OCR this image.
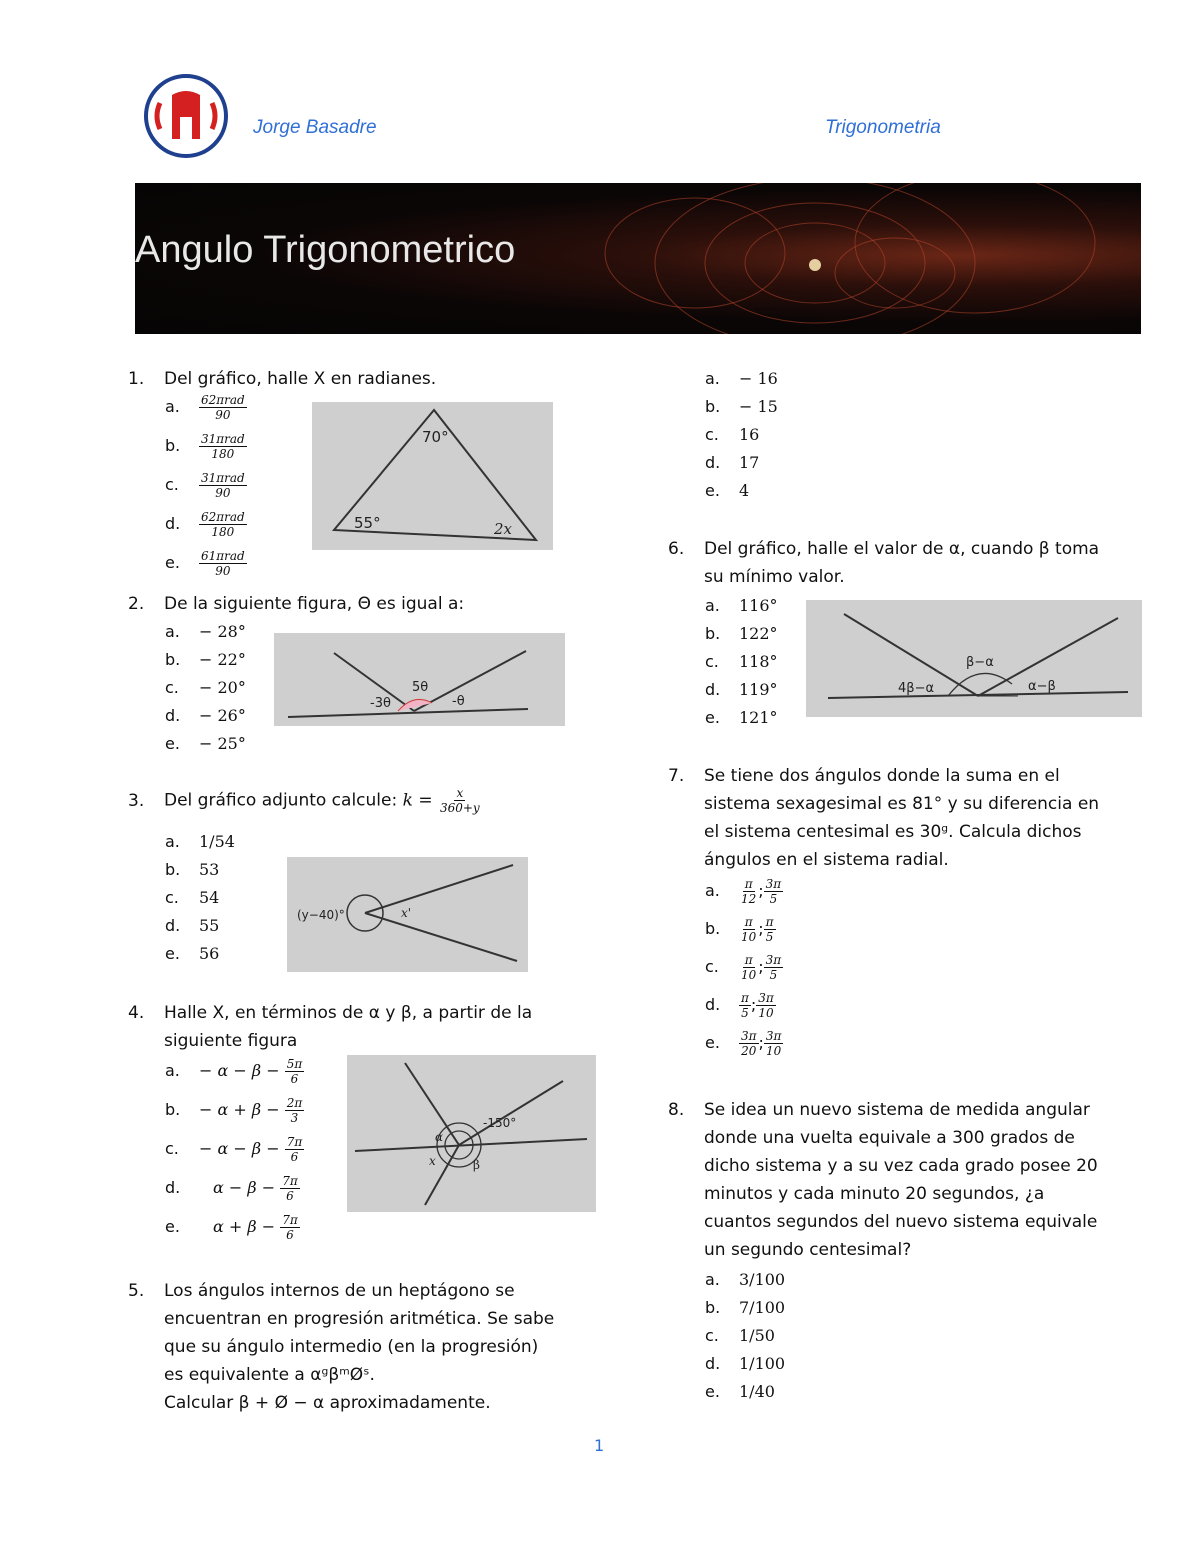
Jorge Basadre	Trigonometria
Angulo Trigonometrico
1. Del gráfico, halle X en radianes.
a. $\frac{\text{62πrad}}{90}$
b. $\frac{\text{31πrad}}{180}$
c. $\frac{\text{31πrad}}{90}$
d. $\frac{\text{62πrad}}{180}$
e. $\frac{\text{61πrad}}{90}$
70°
55°	2x
2. De la siguiente figura, Θ es igual a:
a. − 28°
b. − 22°
c. − 20°
d. − 26°
e. − 25°
-3θ
5θ
-θ
3. Del gráfico adjunto calcule: $k = \frac{x}{360+y}$
a. 1/54
b. 53
c. 54
d. 55
e. 56
(y−40)°	x'
4. Halle X, en términos de α y β, a partir de la
siguiente figura
a. − $\alpha - \beta - \frac{5\pi}{6}$
b. − $\alpha + \beta - \frac{2\pi}{3}$
c. − $\alpha - \beta - \frac{7\pi}{6}$
d. $\alpha - \beta - \frac{7\pi}{6}$
e. $\alpha + \beta - \frac{7\pi}{6}$
-150°
α
β
x
5. Los ángulos internos de un heptágono se
encuentran en progresión aritmética. Se sabe
que su ángulo intermedio (en la progresión)
es equivalente a αᵍβᵐØˢ.
Calcular β + Ø − α aproximadamente.
a. − 16
b. − 15
c. 16
d. 17
e. 4
6. Del gráfico, halle el valor de α, cuando β toma
su mínimo valor.
a. 116°
b. 122°
c. 118°
d. 119°
e. 121°
4β−α
β−α
α−β
7. Se tiene dos ángulos donde la suma en el
sistema sexagesimal es 81° y su diferencia en
el sistema centesimal es 30ᵍ. Calcula dichos
ángulos en el sistema radial.
a. $\frac{\pi}{12}$ ; $\frac{3\pi}{5}$
b. $\frac{\pi}{10}$ ; $\frac{\pi}{5}$
c. $\frac{\pi}{10}$ ; $\frac{3\pi}{5}$
d. $\frac{\pi}{5}$ ; $\frac{3\pi}{10}$
e. $\frac{3\pi}{20}$ ; $\frac{3\pi}{10}$
8. Se idea un nuevo sistema de medida angular
donde una vuelta equivale a 300 grados de
dicho sistema y a su vez cada grado posee 20
minutos y cada minuto 20 segundos, ¿a
cuantos segundos del nuevo sistema equivale
un segundo centesimal?
a. 3/100
b. 7/100
c. 1/50
d. 1/100
e. 1/40
1
